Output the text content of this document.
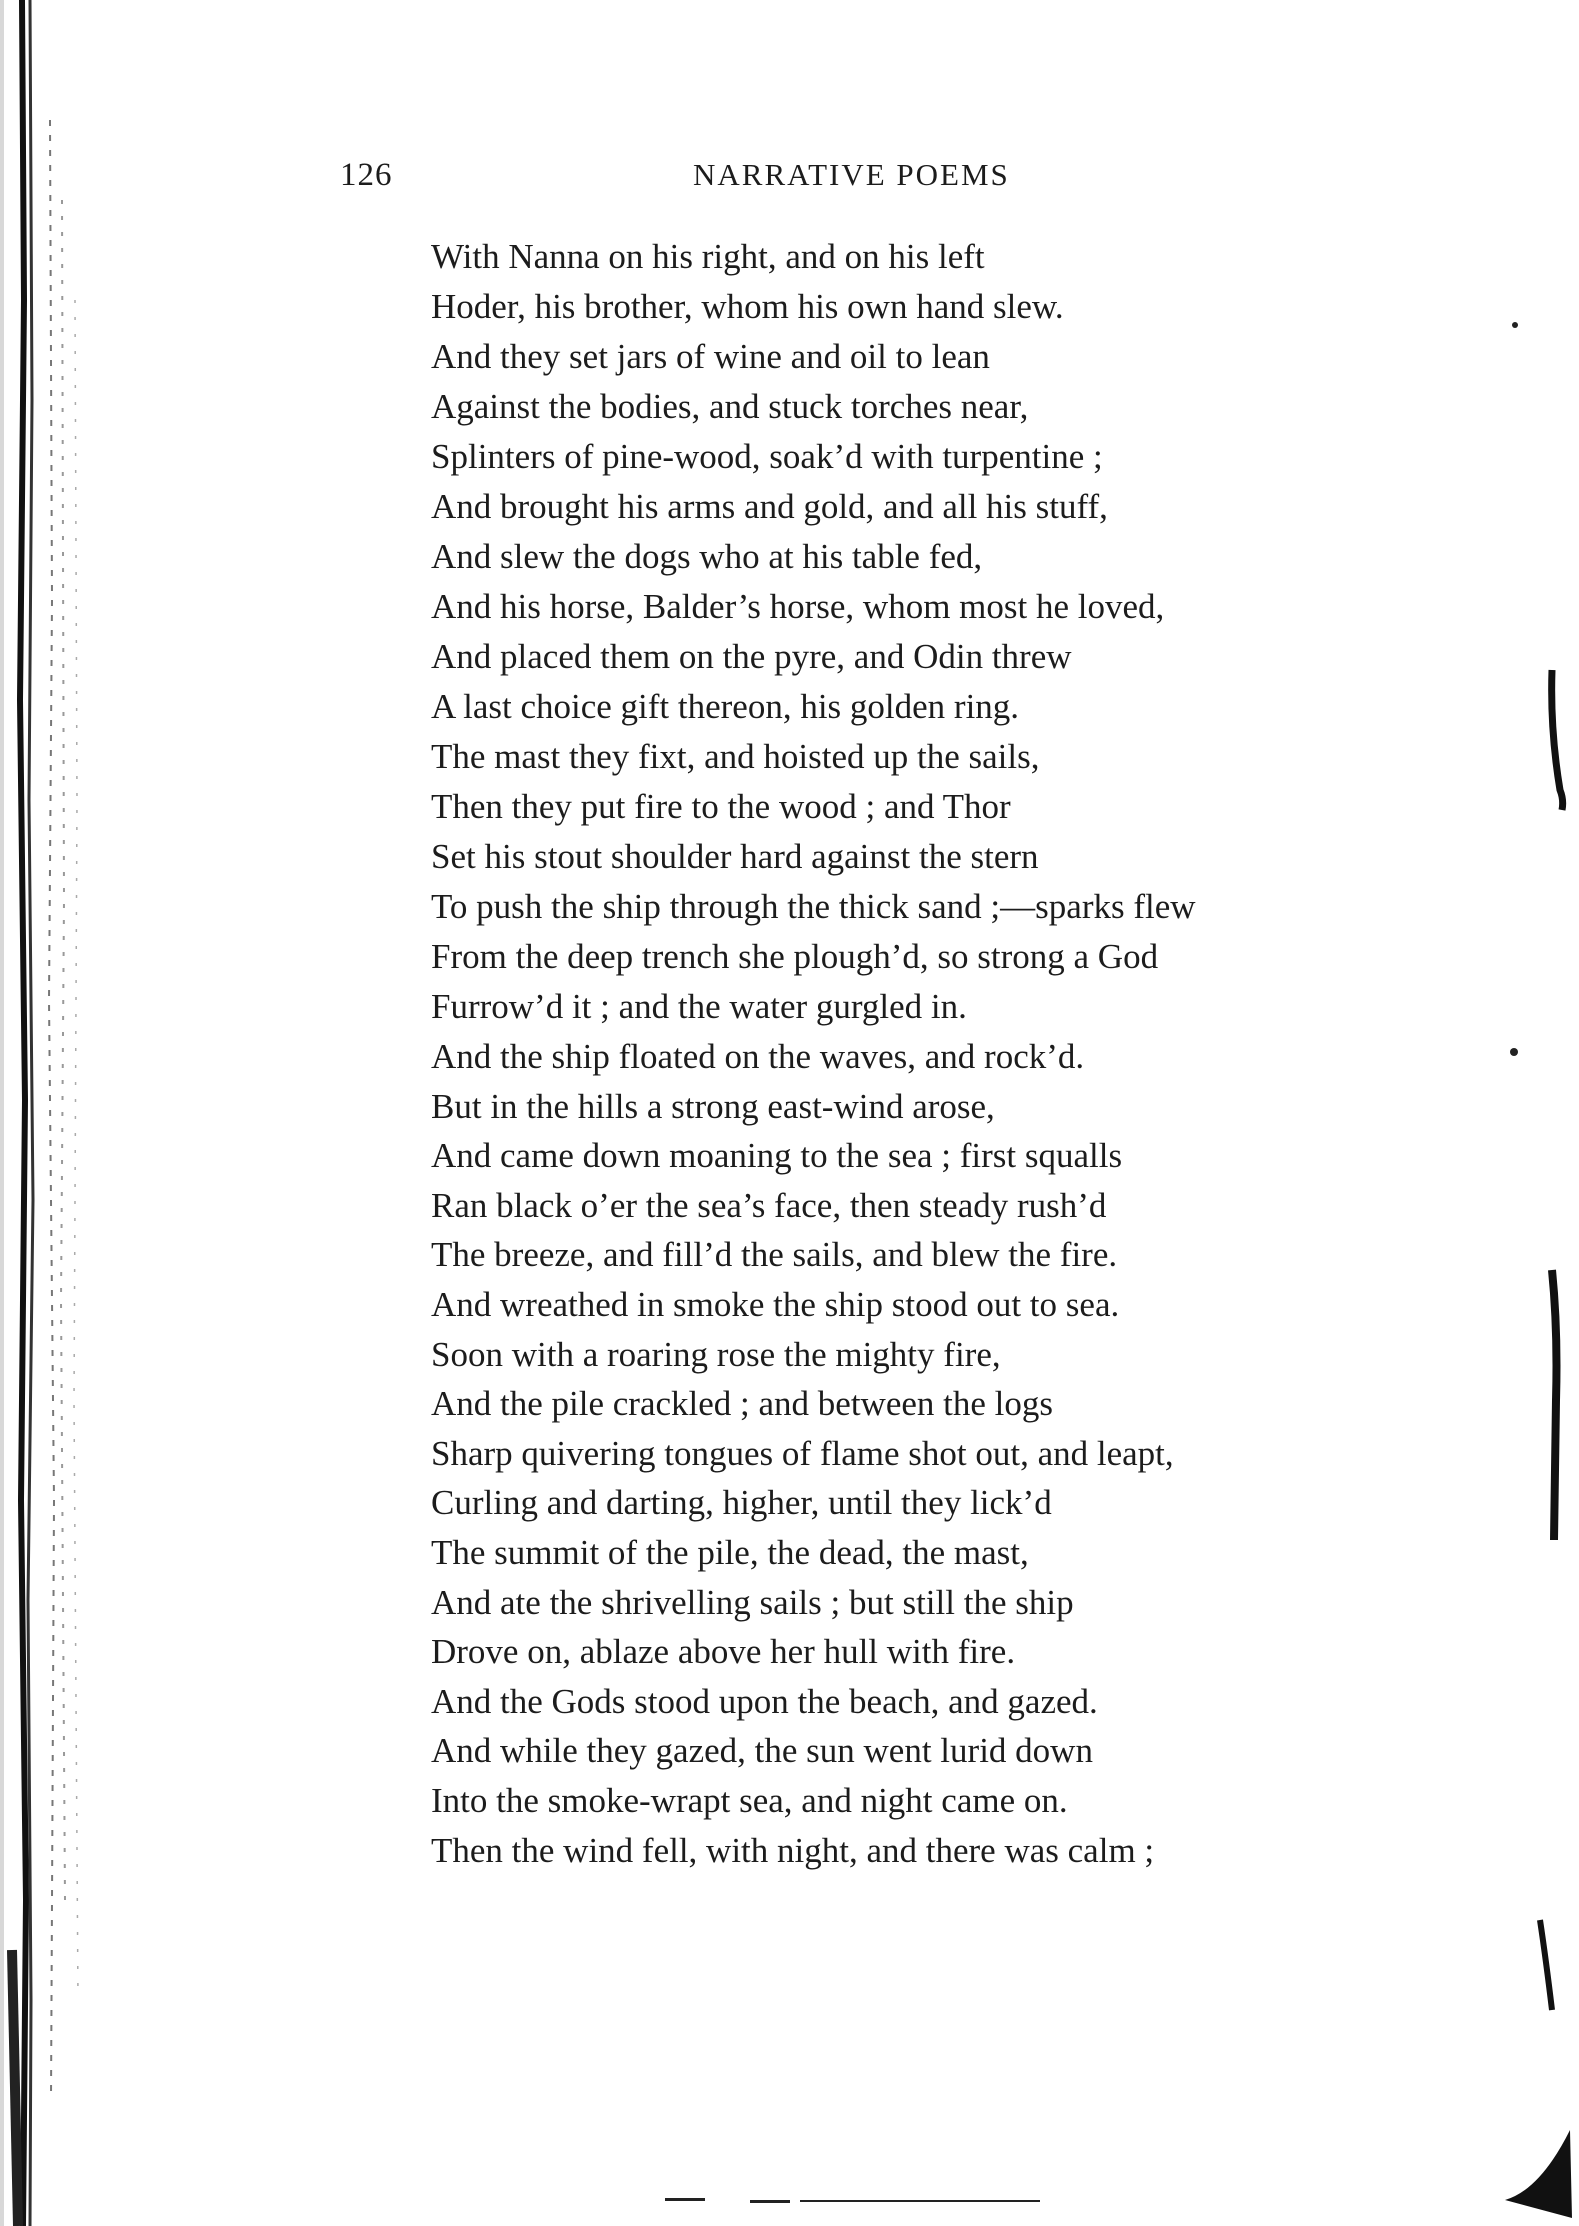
126	NARRATIVE POEMS
With Nanna on his right, and on his left
Hoder, his brother, whom his own hand slew.
And they set jars of wine and oil to lean
Against the bodies, and stuck torches near,
Splinters of pine-wood, soak’d with turpentine ;
And brought his arms and gold, and all his stuff,
And slew the dogs who at his table fed,
And his horse, Balder’s horse, whom most he loved,
And placed them on the pyre, and Odin threw
A last choice gift thereon, his golden ring.
The mast they fixt, and hoisted up the sails,
Then they put fire to the wood ; and Thor
Set his stout shoulder hard against the stern
To push the ship through the thick sand ;—sparks flew
From the deep trench she plough’d, so strong a God
Furrow’d it ; and the water gurgled in.
And the ship floated on the waves, and rock’d.
But in the hills a strong east-wind arose,
And came down moaning to the sea ; first squalls
Ran black o’er the sea’s face, then steady rush’d
The breeze, and fill’d the sails, and blew the fire.
And wreathed in smoke the ship stood out to sea.
Soon with a roaring rose the mighty fire,
And the pile crackled ; and between the logs
Sharp quivering tongues of flame shot out, and leapt,
Curling and darting, higher, until they lick’d
The summit of the pile, the dead, the mast,
And ate the shrivelling sails ; but still the ship
Drove on, ablaze above her hull with fire.
And the Gods stood upon the beach, and gazed.
And while they gazed, the sun went lurid down
Into the smoke-wrapt sea, and night came on.
Then the wind fell, with night, and there was calm ;
